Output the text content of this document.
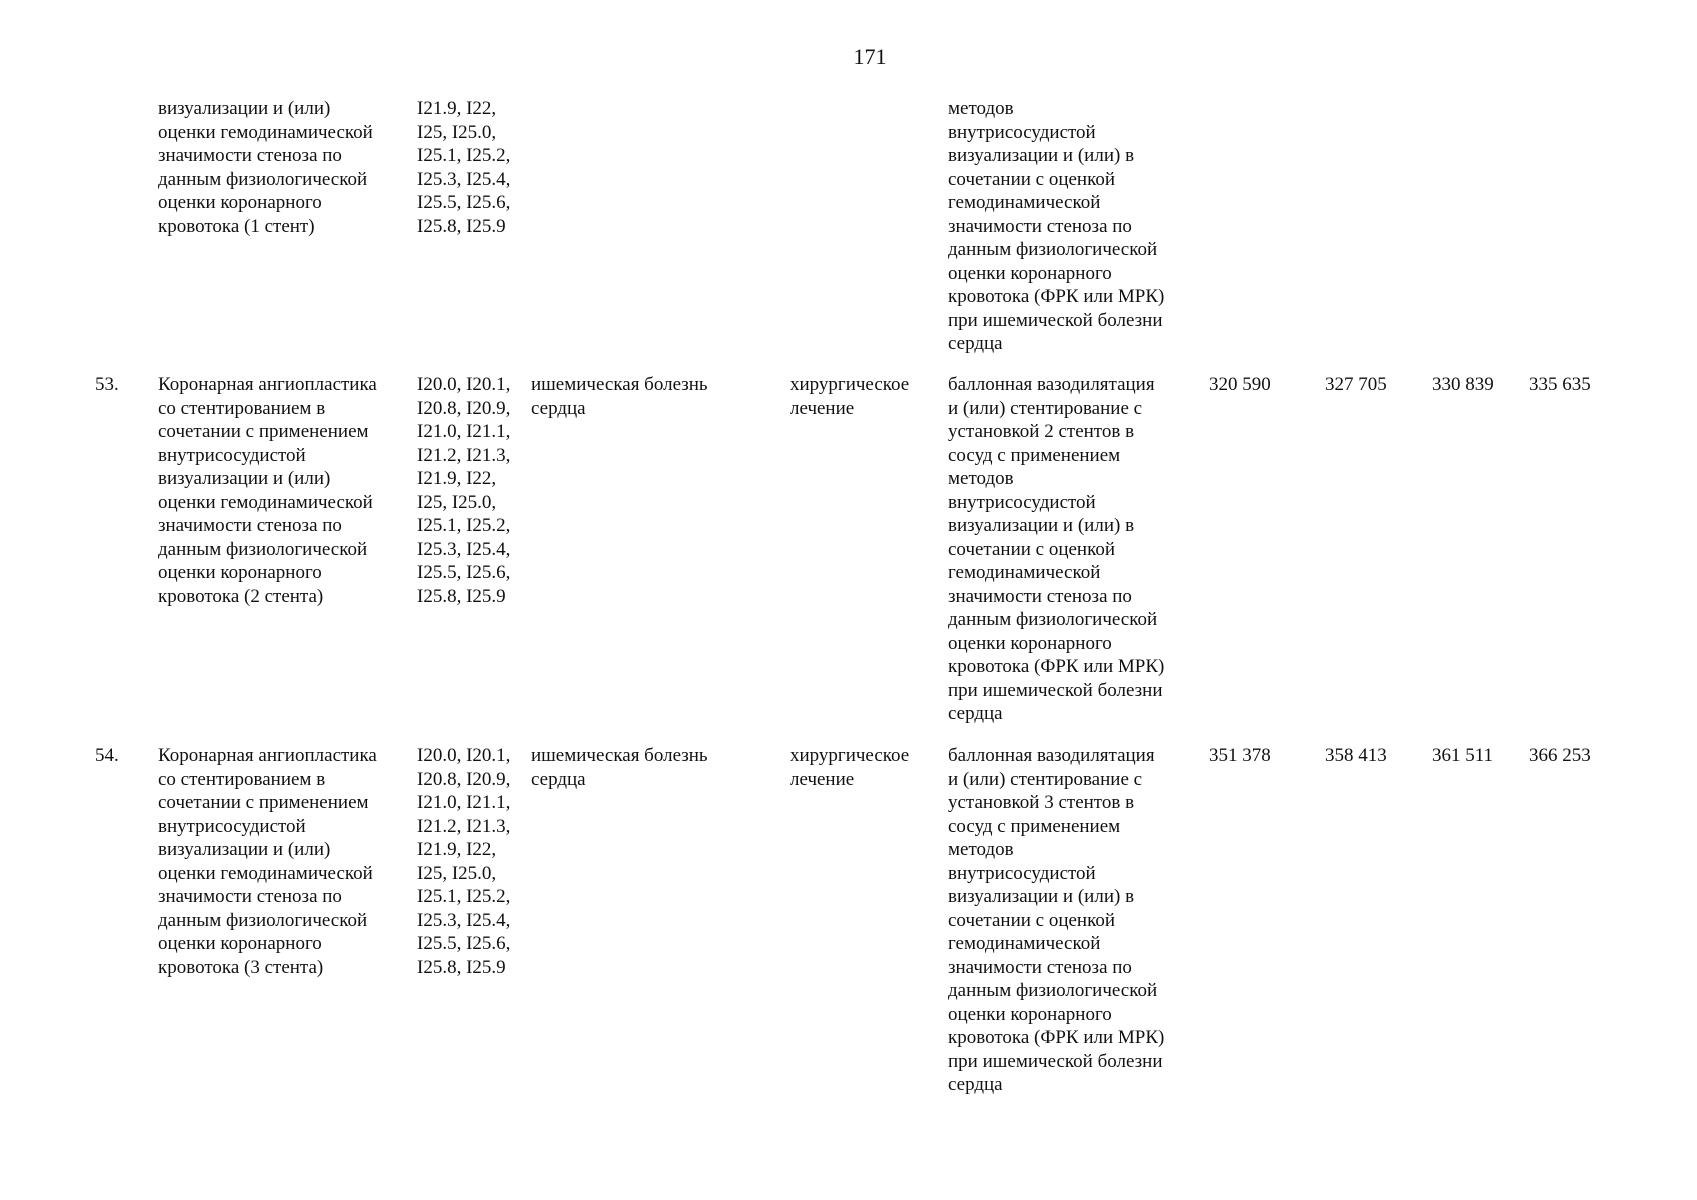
171
визуализации и (или)
оценки гемодинамической
значимости стеноза по
данным физиологической
оценки коронарного
кровотока (1 стент)
I21.9, I22,
I25, I25.0,
I25.1, I25.2,
I25.3, I25.4,
I25.5, I25.6,
I25.8, I25.9
методов
внутрисосудистой
визуализации и (или) в
сочетании с оценкой
гемодинамической
значимости стеноза по
данным физиологической
оценки коронарного
кровотока (ФРК или МРК)
при ишемической болезни
сердца
53. Коронарная ангиопластика
со стентированием в
сочетании с применением
внутрисосудистой
визуализации и (или)
оценки гемодинамической
значимости стеноза по
данным физиологической
оценки коронарного
кровотока (2 стента)
I20.0, I20.1,
I20.8, I20.9,
I21.0, I21.1,
I21.2, I21.3,
I21.9, I22,
I25, I25.0,
I25.1, I25.2,
I25.3, I25.4,
I25.5, I25.6,
I25.8, I25.9
ишемическая болезнь
сердца
хирургическое
лечение
баллонная вазодилятация
и (или) стентирование с
установкой 2 стентов в
сосуд с применением
методов
внутрисосудистой
визуализации и (или) в
сочетании с оценкой
гемодинамической
значимости стеноза по
данным физиологической
оценки коронарного
кровотока (ФРК или МРК)
при ишемической болезни
сердца
320 590	327 705 330 839 335 635
54. Коронарная ангиопластика
со стентированием в
сочетании с применением
внутрисосудистой
визуализации и (или)
оценки гемодинамической
значимости стеноза по
данным физиологической
оценки коронарного
кровотока (3 стента)
I20.0, I20.1,
I20.8, I20.9,
I21.0, I21.1,
I21.2, I21.3,
I21.9, I22,
I25, I25.0,
I25.1, I25.2,
I25.3, I25.4,
I25.5, I25.6,
I25.8, I25.9
ишемическая болезнь
сердца
хирургическое
лечение
баллонная вазодилятация
и (или) стентирование с
установкой 3 стентов в
сосуд с применением
методов
внутрисосудистой
визуализации и (или) в
сочетании с оценкой
гемодинамической
значимости стеноза по
данным физиологической
оценки коронарного
кровотока (ФРК или МРК)
при ишемической болезни
сердца
351 378	358 413 361 511 366 253
